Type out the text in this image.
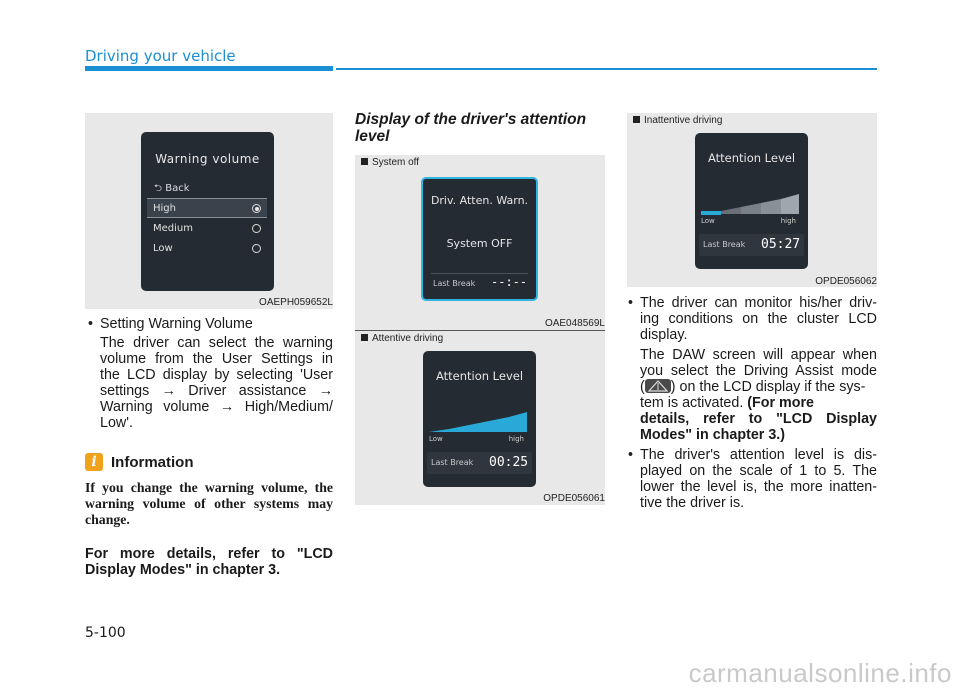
Driving your vehicle
Warning volume
⮌ Back
High
Medium
Low
OAEPH059652L
• Setting Warning Volume
The driver can select the warning
volume from the User Settings in
the LCD display by selecting 'User
settings → Driver assistance →
Warning volume → High/Medium/
Low'.
i Information
If you change the warning volume, the
warning volume of other systems may
change.
For more details, refer to "LCD
Display Modes" in chapter 3.
Display of the driver's attention
level
System off
Driv. Atten. Warn.
System OFF
Last Break --:--
OAE048569L
Attentive driving
Attention Level
Low	high
Last Break 00:25
OPDE056061
Inattentive driving
Attention Level
Low	high
Last Break 05:27
OPDE056062
• The driver can monitor his/her driv-
ing conditions on the cluster LCD
display.
The DAW screen will appear when
you select the Driving Assist mode
( ) on the LCD display if the sys-
tem is activated. (For more
details, refer to "LCD Display
Modes" in chapter 3.)
• The driver's attention level is dis-
played on the scale of 1 to 5. The
lower the level is, the more inatten-
tive the driver is.
5-100
carmanualsonline.info
